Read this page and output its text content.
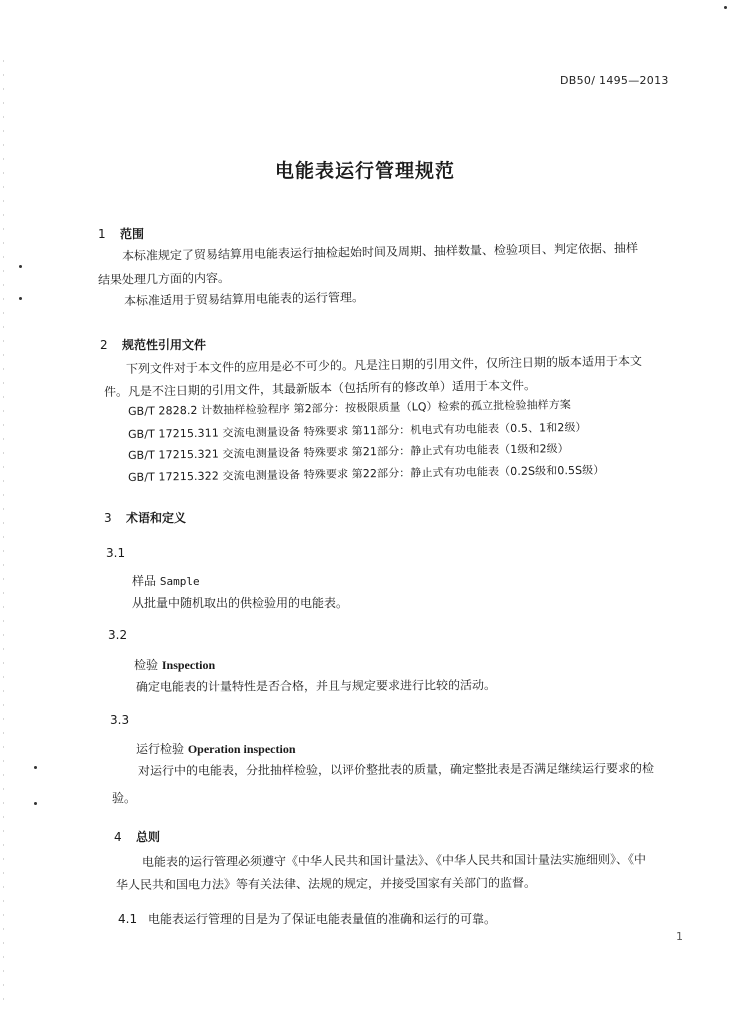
DB50/ 1495—2013
电能表运行管理规范
1 范围
本标准规定了贸易结算用电能表运行抽检起始时间及周期、抽样数量、检验项目、判定依据、抽样
结果处理几方面的内容。
本标准适用于贸易结算用电能表的运行管理。
2 规范性引用文件
下列文件对于本文件的应用是必不可少的。凡是注日期的引用文件，仅所注日期的版本适用于本文
件。凡是不注日期的引用文件，其最新版本（包括所有的修改单）适用于本文件。
GB/T 2828.2 计数抽样检验程序 第2部分：按极限质量（LQ）检索的孤立批检验抽样方案
GB/T 17215.311 交流电测量设备 特殊要求 第11部分：机电式有功电能表（0.5、1和2级）
GB/T 17215.321 交流电测量设备 特殊要求 第21部分：静止式有功电能表（1级和2级）
GB/T 17215.322 交流电测量设备 特殊要求 第22部分：静止式有功电能表（0.2S级和0.5S级）
3 术语和定义
3.1
样品 Sample
从批量中随机取出的供检验用的电能表。
3.2
检验 Inspection
确定电能表的计量特性是否合格，并且与规定要求进行比较的活动。
3.3
运行检验 Operation inspection
对运行中的电能表，分批抽样检验，以评价整批表的质量，确定整批表是否满足继续运行要求的检
验。
4 总则
电能表的运行管理必须遵守《中华人民共和国计量法》、《中华人民共和国计量法实施细则》、《中
华人民共和国电力法》等有关法律、法规的规定，并接受国家有关部门的监督。
4.1 电能表运行管理的目是为了保证电能表量值的准确和运行的可靠。
1
